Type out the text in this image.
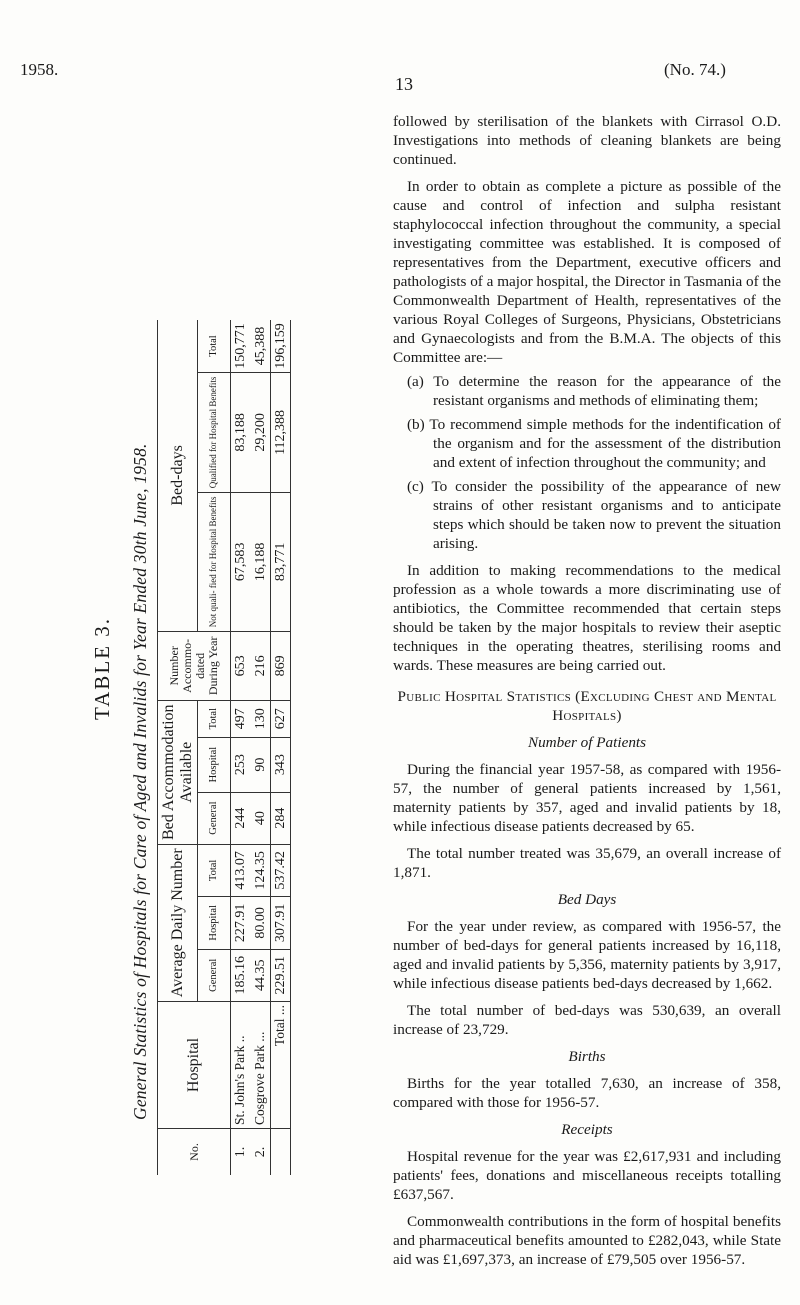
1958.
13
(No. 74.)
TABLE 3. General Statistics of Hospitals for Care of Aged and Invalids for Year Ended 30th June, 1958.
No.	Hospital	Average Daily Number			Bed Accommodation
Available			Number Accommo- dated During Year	Bed-days		
		General	Hospital	Total	General	Hospital	Total		Not quali- fied for Hospital Benefits	Qualified for Hospital Benefits	Total
1.	St. John's Park ..	185.16	227.91	413.07	244	253	497	653	67,583	83,188	150,771
2.	Cosgrove Park ...	44.35	80.00	124.35	40	90	130	216	16,188	29,200	45,388
	Total ...	229.51	307.91	537.42	284	343	627	869	83,771	112,388	196,159

followed by sterilisation of the blankets with Cirrasol O.D. Investigations into methods of cleaning blankets are being continued.

In order to obtain as complete a picture as possible of the cause and control of infection and sulpha resistant staphylococcal infection throughout the community, a special investigating committee was established. It is composed of representatives from the Department, executive officers and pathologists of a major hospital, the Director in Tasmania of the Commonwealth Department of Health, representatives of the various Royal Colleges of Surgeons, Physicians, Obstetricians and Gynaecologists and from the B.M.A. The objects of this Committee are:—

(a) To determine the reason for the appearance of the resistant organisms and methods of eliminating them;

(b) To recommend simple methods for the indentification of the organism and for the assessment of the distribution and extent of infection throughout the community; and

(c) To consider the possibility of the appearance of new strains of other resistant organisms and to anticipate steps which should be taken now to prevent the situation arising.

In addition to making recommendations to the medical profession as a whole towards a more discriminating use of antibiotics, the Committee recommended that certain steps should be taken by the major hospitals to review their aseptic techniques in the operating theatres, sterilising rooms and wards. These measures are being carried out.

Public Hospital Statistics (Excluding Chest and Mental Hospitals)

Number of Patients

During the financial year 1957-58, as compared with 1956-57, the number of general patients increased by 1,561, maternity patients by 357, aged and invalid patients by 18, while infectious disease patients decreased by 65.

The total number treated was 35,679, an overall increase of 1,871.

Bed Days

For the year under review, as compared with 1956-57, the number of bed-days for general patients increased by 16,118, aged and invalid patients by 5,356, maternity patients by 3,917, while infectious disease patients bed-days decreased by 1,662.

The total number of bed-days was 530,639, an overall increase of 23,729.

Births

Births for the year totalled 7,630, an increase of 358, compared with those for 1956-57.

Receipts

Hospital revenue for the year was £2,617,931 and including patients' fees, donations and miscellaneous receipts totalling £637,567.

Commonwealth contributions in the form of hospital benefits and pharmaceutical benefits amounted to £282,043, while State aid was £1,697,373, an increase of £79,505 over 1956-57.
